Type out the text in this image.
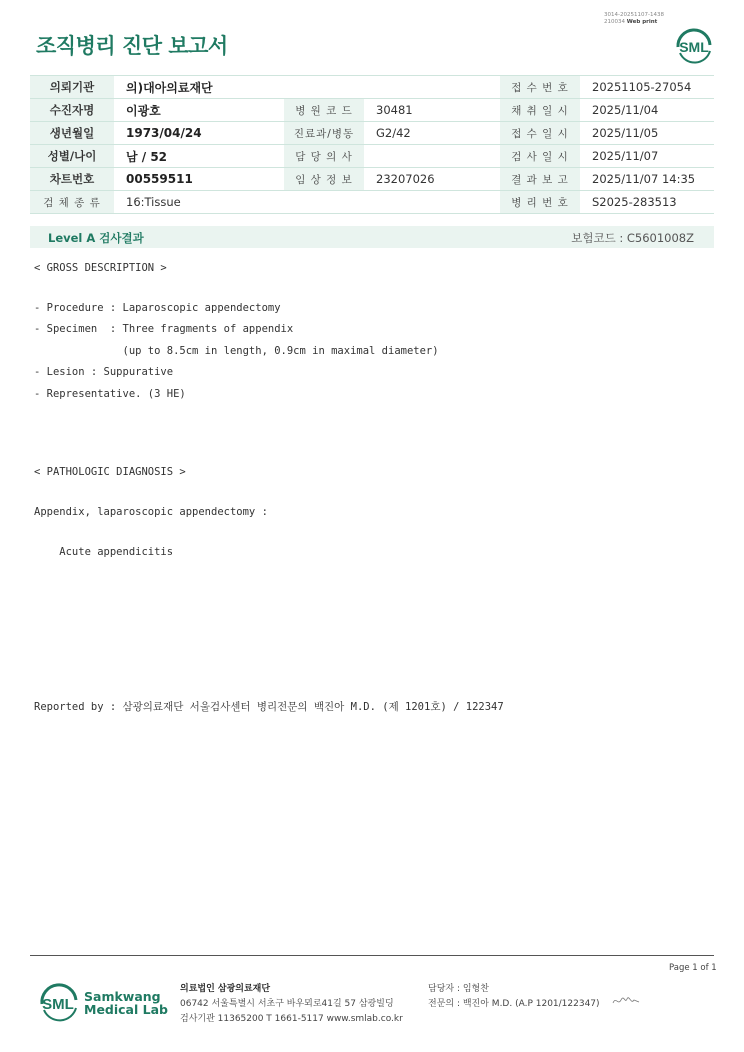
3014-20251107-1438
210034 Web print
조직병리 진단 보고서	SML
의뢰기관	의)대아의료재단			접 수 번 호	20251105-27054
수진자명	이광호	병 원 코 드	30481	채 취 일 시	2025/11/04
생년월일	1973/04/24	진료과/병동	G2/42	접 수 일 시	2025/11/05
성별/나이	남 / 52	담 당 의 사		검 사 일 시	2025/11/07
차트번호	00559511	임 상 정 보	23207026	결 과 보 고	2025/11/07 14:35
검 체 종 류	16:Tissue			병 리 번 호	S2025-283513
Level A 검사결과	보험코드 : C5601008Z
< GROSS DESCRIPTION >
- Procedure : Laparoscopic appendectomy
- Specimen  : Three fragments of appendix
(up to 8.5cm in length, 0.9cm in maximal diameter)
- Lesion : Suppurative
- Representative. (3 HE)
< PATHOLOGIC DIAGNOSIS >
Appendix, laparoscopic appendectomy :
Acute appendicitis
Reported by : 삼광의료재단 서울검사센터 병리전문의 백진아 M.D. (제 1201호) / 122347
Page 1 of 1
SML Samkwang
Medical Lab
의료법인 삼광의료재단
06742 서울특별시 서초구 바우뫼로41길 57 삼광빌딩
검사기관 11365200 T 1661-5117 www.smlab.co.kr
담당자 : 임형찬
전문의 : 백진아 M.D. (A.P 1201/122347)
